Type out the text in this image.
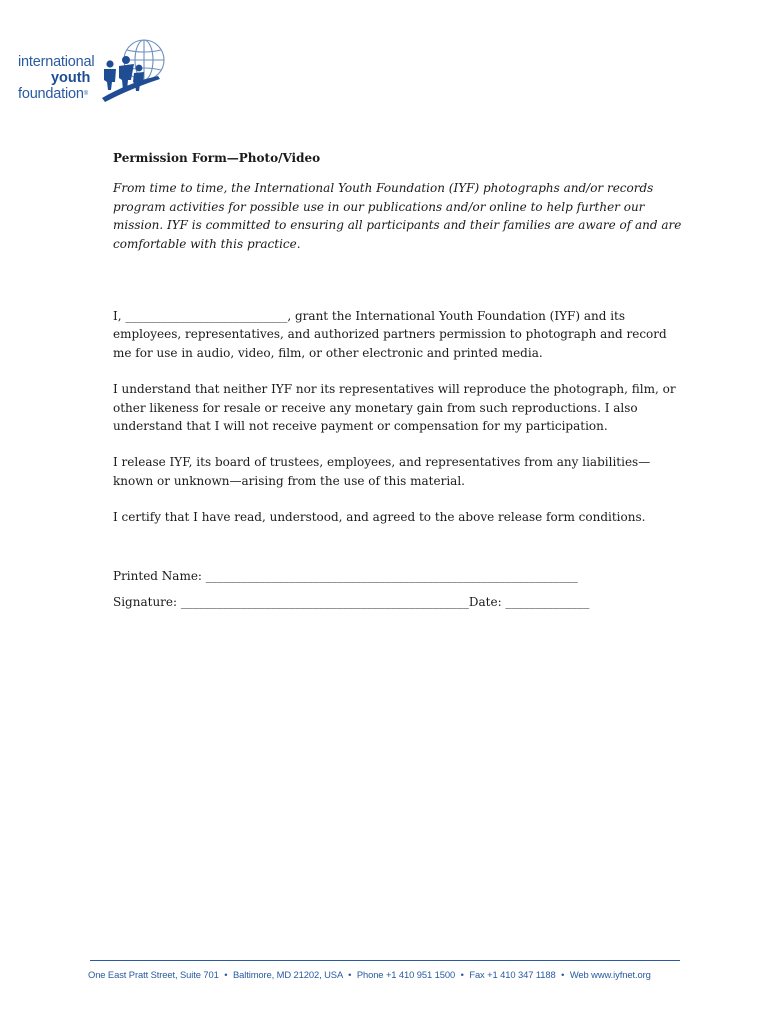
international
youth
foundation®

Permission Form—Photo/Video

From time to time, the International Youth Foundation (IYF) photographs and/or records program activities for possible use in our publications and/or online to help further our mission. IYF is committed to ensuring all participants and their families are aware of and are comfortable with this practice.

I, ___________________________, grant the International Youth Foundation (IYF) and its employees, representatives, and authorized partners permission to photograph and record me for use in audio, video, film, or other electronic and printed media.

I understand that neither IYF nor its representatives will reproduce the photograph, film, or other likeness for resale or receive any monetary gain from such reproductions. I also understand that I will not receive payment or compensation for my participation.

I release IYF, its board of trustees, employees, and representatives from any liabilities—known or unknown—arising from the use of this material.

I certify that I have read, understood, and agreed to the above release form conditions.

Printed Name: ______________________________________________________________

Signature: ________________________________________________Date: ______________

One East Pratt Street, Suite 701 • Baltimore, MD 21202, USA • Phone +1 410 951 1500 • Fax +1 410 347 1188 • Web www.iyfnet.org
